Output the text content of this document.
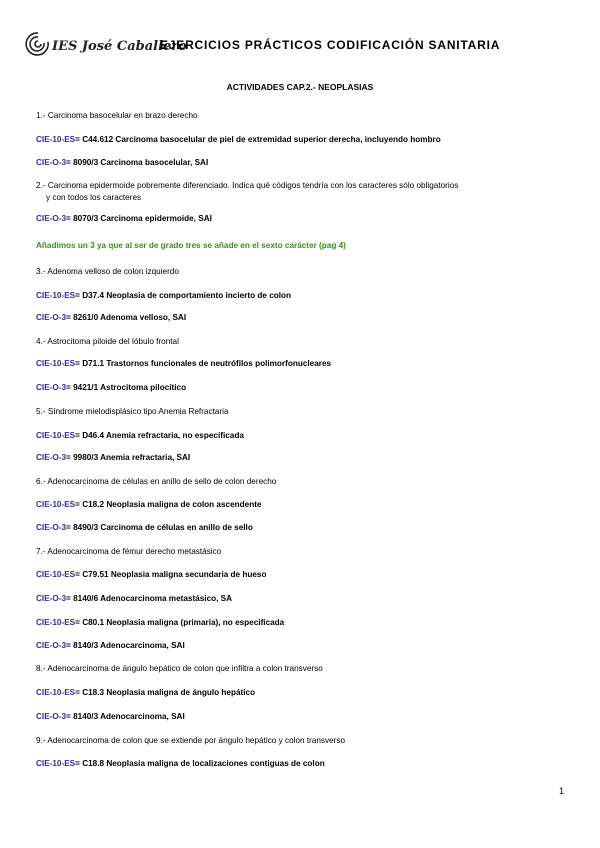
IES José Caballero
EJERCICIOS PRÁCTICOS CODIFICACIÓN SANITARIA
ACTIVIDADES CAP.2.- NEOPLASIAS
1.- Carcinoma basocelular en brazo derecho
CIE-10-ES= C44.612 Carcinoma basocelular de piel de extremidad superior derecha, incluyendo hombro
CIE-O-3= 8090/3 Carcinoma basocelular, SAI
2.- Carcinoma epidermoide pobremente diferenciado. Indica qué códigos tendría con los caracteres sólo obligatorios
y con todos los caracteres
CIE-O-3= 8070/3 Carcinoma epidermoide, SAI
Añadimos un 3 ya que al ser de grado tres se añade en el sexto carácter (pag 4)
3.- Adenoma velloso de colon izquierdo
CIE-10-ES= D37.4 Neoplasia de comportamiento incierto de colon
CIE-O-3= 8261/0 Adenoma velloso, SAI
4.- Astrocitoma piloide del lóbulo frontal
CIE-10-ES= D71.1 Trastornos funcionales de neutrófilos polimorfonucleares
CIE-O-3= 9421/1 Astrocitoma pilocítico
5.- Síndrome mielodisplásico tipo Anemia Refractaria
CIE-10-ES= D46.4 Anemia refractaria, no especificada
CIE-O-3= 9980/3 Anemia refractaria, SAI
6.- Adenocarcinoma de células en anillo de sello de colon derecho
CIE-10-ES= C18.2 Neoplasia maligna de colon ascendente
CIE-O-3= 8490/3 Carcinoma de células en anillo de sello
7.- Adenocarcinoma de fémur derecho metastásico
CIE-10-ES= C79.51 Neoplasia maligna secundaria de hueso
CIE-O-3= 8140/6 Adenocarcinoma metastásico, SA
CIE-10-ES= C80.1 Neoplasia maligna (primaria), no especificada
CIE-O-3= 8140/3 Adenocarcinoma, SAI
8.- Adenocarcinoma de ángulo hepático de colon que infiltra a colon transverso
CIE-10-ES= C18.3 Neoplasia maligna de ángulo hepático
CIE-O-3= 8140/3 Adenocarcinoma, SAI
9.- Adenocarcinoma de colon que se extiende por ángulo hepático y colon transverso
CIE-10-ES= C18.8 Neoplasia maligna de localizaciones contiguas de colon
1
